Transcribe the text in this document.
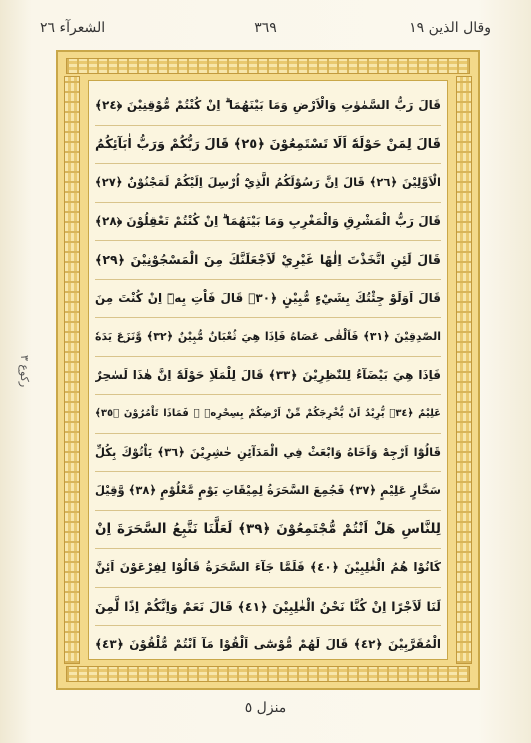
وقال الذين ١٩
٣٦٩
الشعرآء ٢٦
رکوع ٣
قَالَ رَبُّ السَّمٰوٰتِ وَالْاَرْضِ وَمَا بَيْنَهُمَا ۗ اِنْ كُنْتُمْ مُّوْقِنِيْنَ ﴿٢٤﴾
قَالَ لِمَنْ حَوْلَهٗٓ اَلَا تَسْتَمِعُوْنَ ﴿٢٥﴾ قَالَ رَبُّكُمْ وَرَبُّ اٰبَآئِكُمُ
الْاَوَّلِيْنَ ﴿٢٦﴾ قَالَ اِنَّ رَسُوْلَكُمُ الَّذِيْٓ اُرْسِلَ اِلَيْكُمْ لَمَجْنُوْنٌ ﴿٢٧﴾
قَالَ رَبُّ الْمَشْرِقِ وَالْمَغْرِبِ وَمَا بَيْنَهُمَا ۗ اِنْ كُنْتُمْ تَعْقِلُوْنَ ﴿٢٨﴾
قَالَ لَئِنِ اتَّخَذْتَ اِلٰهًا غَيْرِيْ لَاَجْعَلَنَّكَ مِنَ الْمَسْجُوْنِيْنَ ﴿٢٩﴾
قَالَ اَوَلَوْ جِئْتُكَ بِشَيْءٍ مُّبِيْنٍ ﴿٣٠﴾ قَالَ فَاْتِ بِهٖٓ اِنْ كُنْتَ مِنَ
الصّٰدِقِيْنَ ﴿٣١﴾ فَاَلْقٰى عَصَاهُ فَاِذَا هِيَ ثُعْبَانٌ مُّبِيْنٌ ﴿٣٢﴾ وَّنَزَعَ يَدَهٗ
فَاِذَا هِيَ بَيْضَآءُ لِلنّٰظِرِيْنَ ﴿٣٣﴾ قَالَ لِلْمَلَاِ حَوْلَهٗٓ اِنَّ هٰذَا لَسٰحِرٌ
عَلِيْمٌ ﴿٣٤﴾ يُّرِيْدُ اَنْ يُّخْرِجَكُمْ مِّنْ اَرْضِكُمْ بِسِحْرِهٖ ۖ فَمَاذَا تَاْمُرُوْنَ ﴿٣٥﴾
قَالُوْٓا اَرْجِهْ وَاَخَاهُ وَابْعَثْ فِي الْمَدَآئِنِ حٰشِرِيْنَ ﴿٣٦﴾ يَاْتُوْكَ بِكُلِّ
سَحَّارٍ عَلِيْمٍ ﴿٣٧﴾ فَجُمِعَ السَّحَرَةُ لِمِيْقَاتِ يَوْمٍ مَّعْلُوْمٍ ﴿٣٨﴾ وَّقِيْلَ
لِلنَّاسِ هَلْ اَنْتُمْ مُّجْتَمِعُوْنَ ﴿٣٩﴾ لَعَلَّنَا نَتَّبِعُ السَّحَرَةَ اِنْ
كَانُوْا هُمُ الْغٰلِبِيْنَ ﴿٤٠﴾ فَلَمَّا جَآءَ السَّحَرَةُ قَالُوْا لِفِرْعَوْنَ اَئِنَّ
لَنَا لَاَجْرًا اِنْ كُنَّا نَحْنُ الْغٰلِبِيْنَ ﴿٤١﴾ قَالَ نَعَمْ وَاِنَّكُمْ اِذًا لَّمِنَ
الْمُقَرَّبِيْنَ ﴿٤٢﴾ قَالَ لَهُمْ مُّوْسٰٓى اَلْقُوْا مَآ اَنْتُمْ مُّلْقُوْنَ ﴿٤٣﴾
منزل ٥
